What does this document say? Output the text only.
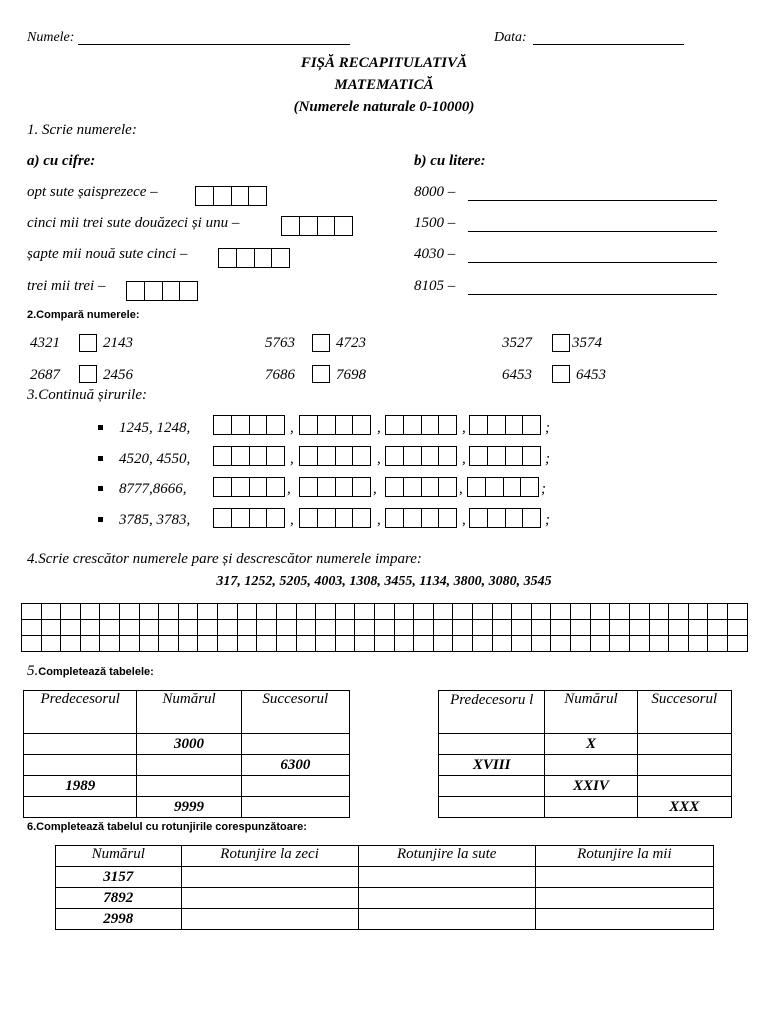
Numele:	Data:
FIȘĂ RECAPITULATIVĂ
MATEMATICĂ
(Numerele naturale 0-10000)
1. Scrie numerele:
a) cu cifre:	b) cu litere:
opt sute șaisprezece –
cinci mii trei sute douăzeci și unu –
șapte mii nouă sute cinci –
trei mii trei –
8000 –
1500 –
4030 –
8105 –
2.Compară numerele:
4321	2143	5763	4723	3527	3574
2687	2456	7686	7698	6453	6453
3.Continuă șirurile:
1245, 1248,	,	,	,	;
4520, 4550,	,	,	,	;
8777,8666,	,	,	,	;
3785, 3783,	,	,	,	;
4.Scrie crescător numerele pare și descrescător numerele impare:
317, 1252, 5205, 4003, 1308, 3455, 1134, 3800, 3080, 3545

5.Completează tabelele:
Predecesorul	Numărul	Succesorul
	3000	
		6300
1989		
	9999	
Predecesoru l	Numărul	Succesorul
	X	
XVIII		
	XXIV	
		XXX
6.Completează tabelul cu rotunjirile corespunzătoare:
Numărul	Rotunjire la zeci	Rotunjire la sute	Rotunjire la mii
3157			
7892			
2998			
